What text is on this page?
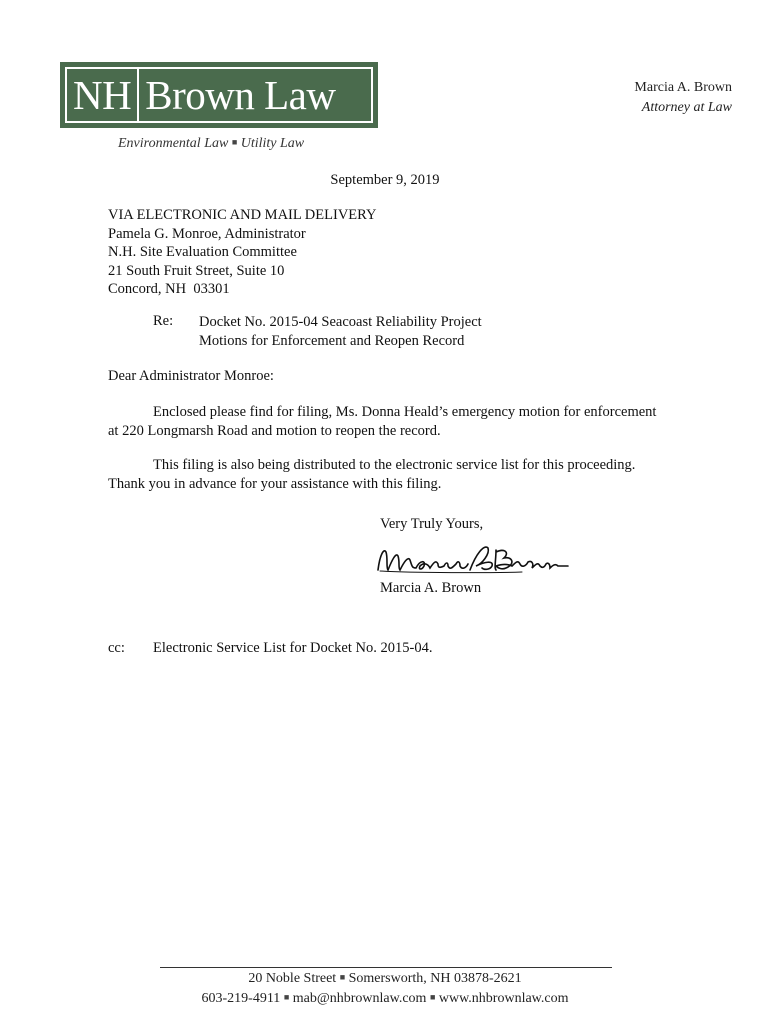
NH Brown Law
Environmental Law ■ Utility Law
Marcia A. Brown
Attorney at Law
September 9, 2019
VIA ELECTRONIC AND MAIL DELIVERY
Pamela G. Monroe, Administrator
N.H. Site Evaluation Committee
21 South Fruit Street, Suite 10
Concord, NH  03301
Re: Docket No. 2015-04 Seacoast Reliability Project
Motions for Enforcement and Reopen Record
Dear Administrator Monroe:
Enclosed please find for filing, Ms. Donna Heald’s emergency motion for enforcement at 220 Longmarsh Road and motion to reopen the record.
This filing is also being distributed to the electronic service list for this proceeding. Thank you in advance for your assistance with this filing.
Very Truly Yours,
Marcia A. Brown
cc: Electronic Service List for Docket No. 2015-04.
20 Noble Street ■ Somersworth, NH 03878-2621
603-219-4911 ■ mab@nhbrownlaw.com ■ www.nhbrownlaw.com
